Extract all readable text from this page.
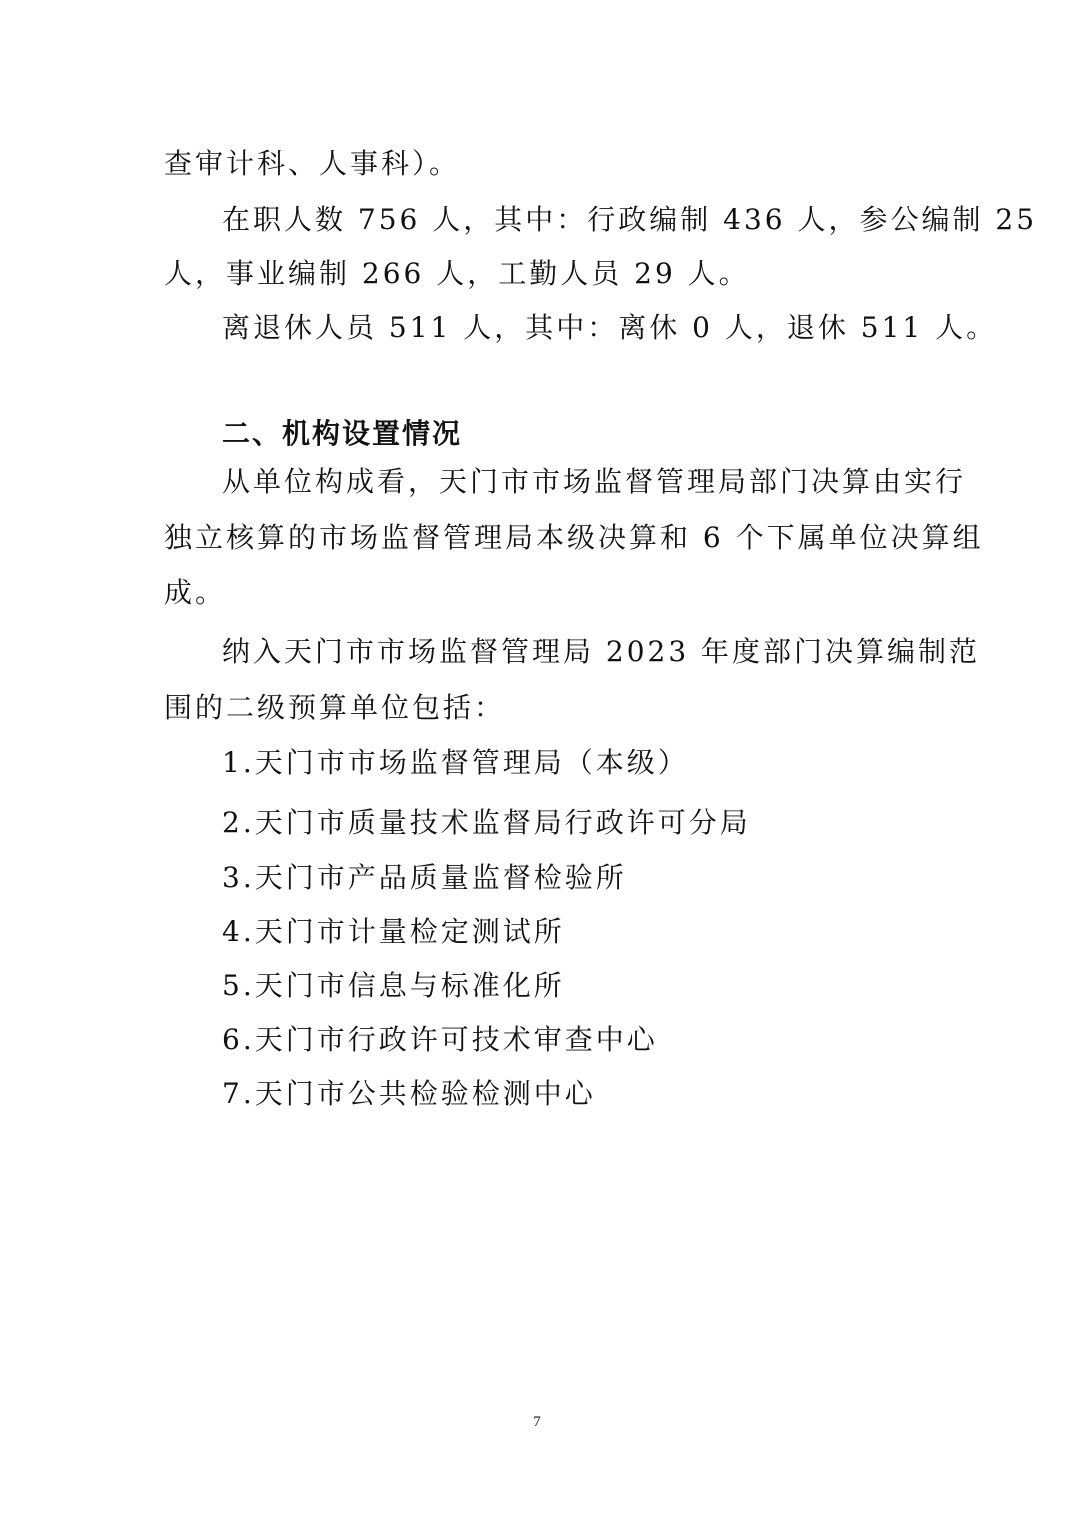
查审计科、人事科）。
在职人数 756 人，其中：行政编制 436 人，参公编制 25
人，事业编制 266 人，工勤人员 29 人。
离退休人员 511 人，其中：离休 0 人，退休 511 人。
二、机构设置情况
从单位构成看，天门市市场监督管理局部门决算由实行
独立核算的市场监督管理局本级决算和 6 个下属单位决算组
成。
纳入天门市市场监督管理局 2023 年度部门决算编制范
围的二级预算单位包括：
1.天门市市场监督管理局（本级）
2.天门市质量技术监督局行政许可分局
3.天门市产品质量监督检验所
4.天门市计量检定测试所
5.天门市信息与标准化所
6.天门市行政许可技术审查中心
7.天门市公共检验检测中心
7
